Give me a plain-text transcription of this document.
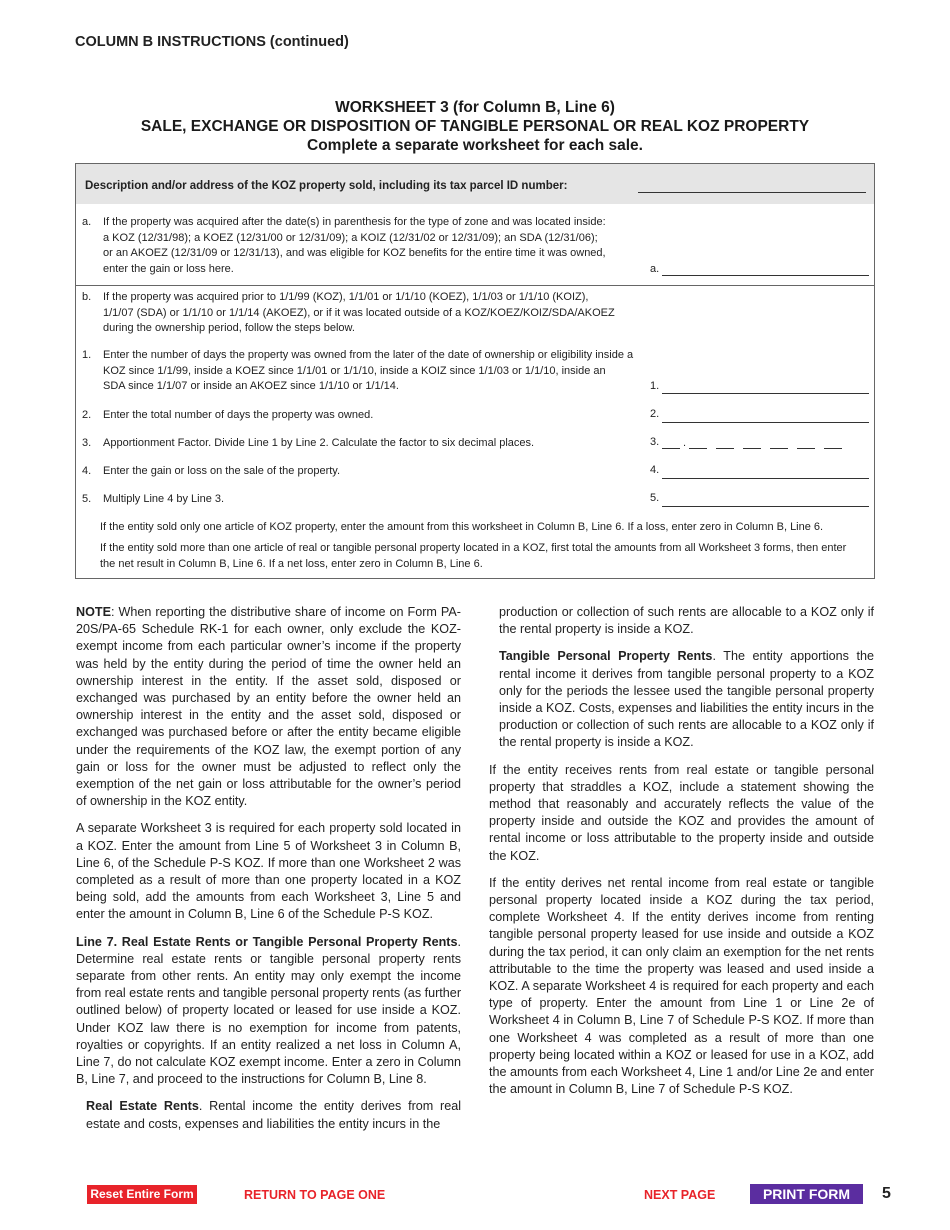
COLUMN B INSTRUCTIONS (continued)
WORKSHEET 3 (for Column B, Line 6)
SALE, EXCHANGE OR DISPOSITION OF TANGIBLE PERSONAL OR REAL KOZ PROPERTY
Complete a separate worksheet for each sale.
Description and/or address of the KOZ property sold, including its tax parcel ID number:
a. If the property was acquired after the date(s) in parenthesis for the type of zone and was located inside:
a KOZ (12/31/98); a KOEZ (12/31/00 or 12/31/09); a KOIZ (12/31/02 or 12/31/09); an SDA (12/31/06);
or an AKOEZ (12/31/09 or 12/31/13), and was eligible for KOZ benefits for the entire time it was owned,
enter the gain or loss here.	a.
b. If the property was acquired prior to 1/1/99 (KOZ), 1/1/01 or 1/1/10 (KOEZ), 1/1/03 or 1/1/10 (KOIZ),
1/1/07 (SDA) or 1/1/10 or 1/1/14 (AKOEZ), or if it was located outside of a KOZ/KOEZ/KOIZ/SDA/AKOEZ
during the ownership period, follow the steps below.
1. Enter the number of days the property was owned from the later of the date of ownership or eligibility inside a
KOZ since 1/1/99, inside a KOEZ since 1/1/01 or 1/1/10, inside a KOIZ since 1/1/03 or 1/1/10, inside an
SDA since 1/1/07 or inside an AKOEZ since 1/1/10 or 1/1/14.	1.
2. Enter the total number of days the property was owned.	2.
3. Apportionment Factor. Divide Line 1 by Line 2. Calculate the factor to six decimal places.	3.	.
4. Enter the gain or loss on the sale of the property.	4.
5. Multiply Line 4 by Line 3.	5.
If the entity sold only one article of KOZ property, enter the amount from this worksheet in Column B, Line 6. If a loss, enter zero in Column B, Line 6.
If the entity sold more than one article of real or tangible personal property located in a KOZ, first total the amounts from all Worksheet 3 forms, then enter
the net result in Column B, Line 6. If a net loss, enter zero in Column B, Line 6.

NOTE: When reporting the distributive share of income on Form PA-20S/PA-65 Schedule RK-1 for each owner, only exclude the KOZ-exempt income from each particular owner’s income if the property was held by the entity during the period of time the owner held an ownership interest in the entity. If the asset sold, disposed or exchanged was purchased by an entity before the owner held an ownership interest in the entity and the asset sold, disposed or exchanged was purchased before or after the entity became eligible under the requirements of the KOZ law, the exempt portion of any gain or loss for the owner must be adjusted to reflect only the exemption of the net gain or loss attributable for the owner’s period of ownership in the KOZ entity.

A separate Worksheet 3 is required for each property sold located in a KOZ. Enter the amount from Line 5 of Worksheet 3 in Column B, Line 6, of the Schedule P-S KOZ. If more than one Worksheet 2 was completed as a result of more than one property located in a KOZ being sold, add the amounts from each Worksheet 3, Line 5 and enter the amount in Column B, Line 6 of the Schedule P-S KOZ.

Line 7. Real Estate Rents or Tangible Personal Property Rents. Determine real estate rents or tangible personal property rents separate from other rents. An entity may only exempt the income from real estate rents and tangible personal property rents (as further outlined below) of property located or leased for use inside a KOZ. Under KOZ law there is no exemption for income from patents, royalties or copyrights. If an entity realized a net loss in Column A, Line 7, do not calculate KOZ exempt income. Enter a zero in Column B, Line 7, and proceed to the instructions for Column B, Line 8.

Real Estate Rents. Rental income the entity derives from real estate and costs, expenses and liabilities the entity incurs in the

production or collection of such rents are allocable to a KOZ only if the rental property is inside a KOZ.

Tangible Personal Property Rents. The entity apportions the rental income it derives from tangible personal property to a KOZ only for the periods the lessee used the tangible personal property inside a KOZ. Costs, expenses and liabilities the entity incurs in the production or collection of such rents are allocable to a KOZ only if the rental property is inside a KOZ.

If the entity receives rents from real estate or tangible personal property that straddles a KOZ, include a statement showing the method that reasonably and accurately reflects the value of the property inside and outside the KOZ and provides the amount of rental income or loss attributable to the property inside and outside the KOZ.

If the entity derives net rental income from real estate or tangible personal property located inside a KOZ during the tax period, complete Worksheet 4. If the entity derives income from renting tangible personal property leased for use inside and outside a KOZ during the tax period, it can only claim an exemption for the net rents attributable to the time the property was leased and used inside a KOZ. A separate Worksheet 4 is required for each property and each type of property. Enter the amount from Line 1 or Line 2e of Worksheet 4 in Column B, Line 7 of Schedule P-S KOZ. If more than one Worksheet 4 was completed as a result of more than one property being located within a KOZ or leased for use in a KOZ, add the amounts from each Worksheet 4, Line 1 and/or Line 2e and enter the amount in Column B, Line 7 of Schedule P-S KOZ.

Reset Entire Form	RETURN TO PAGE ONE	NEXT PAGE	PRINT FORM	5
